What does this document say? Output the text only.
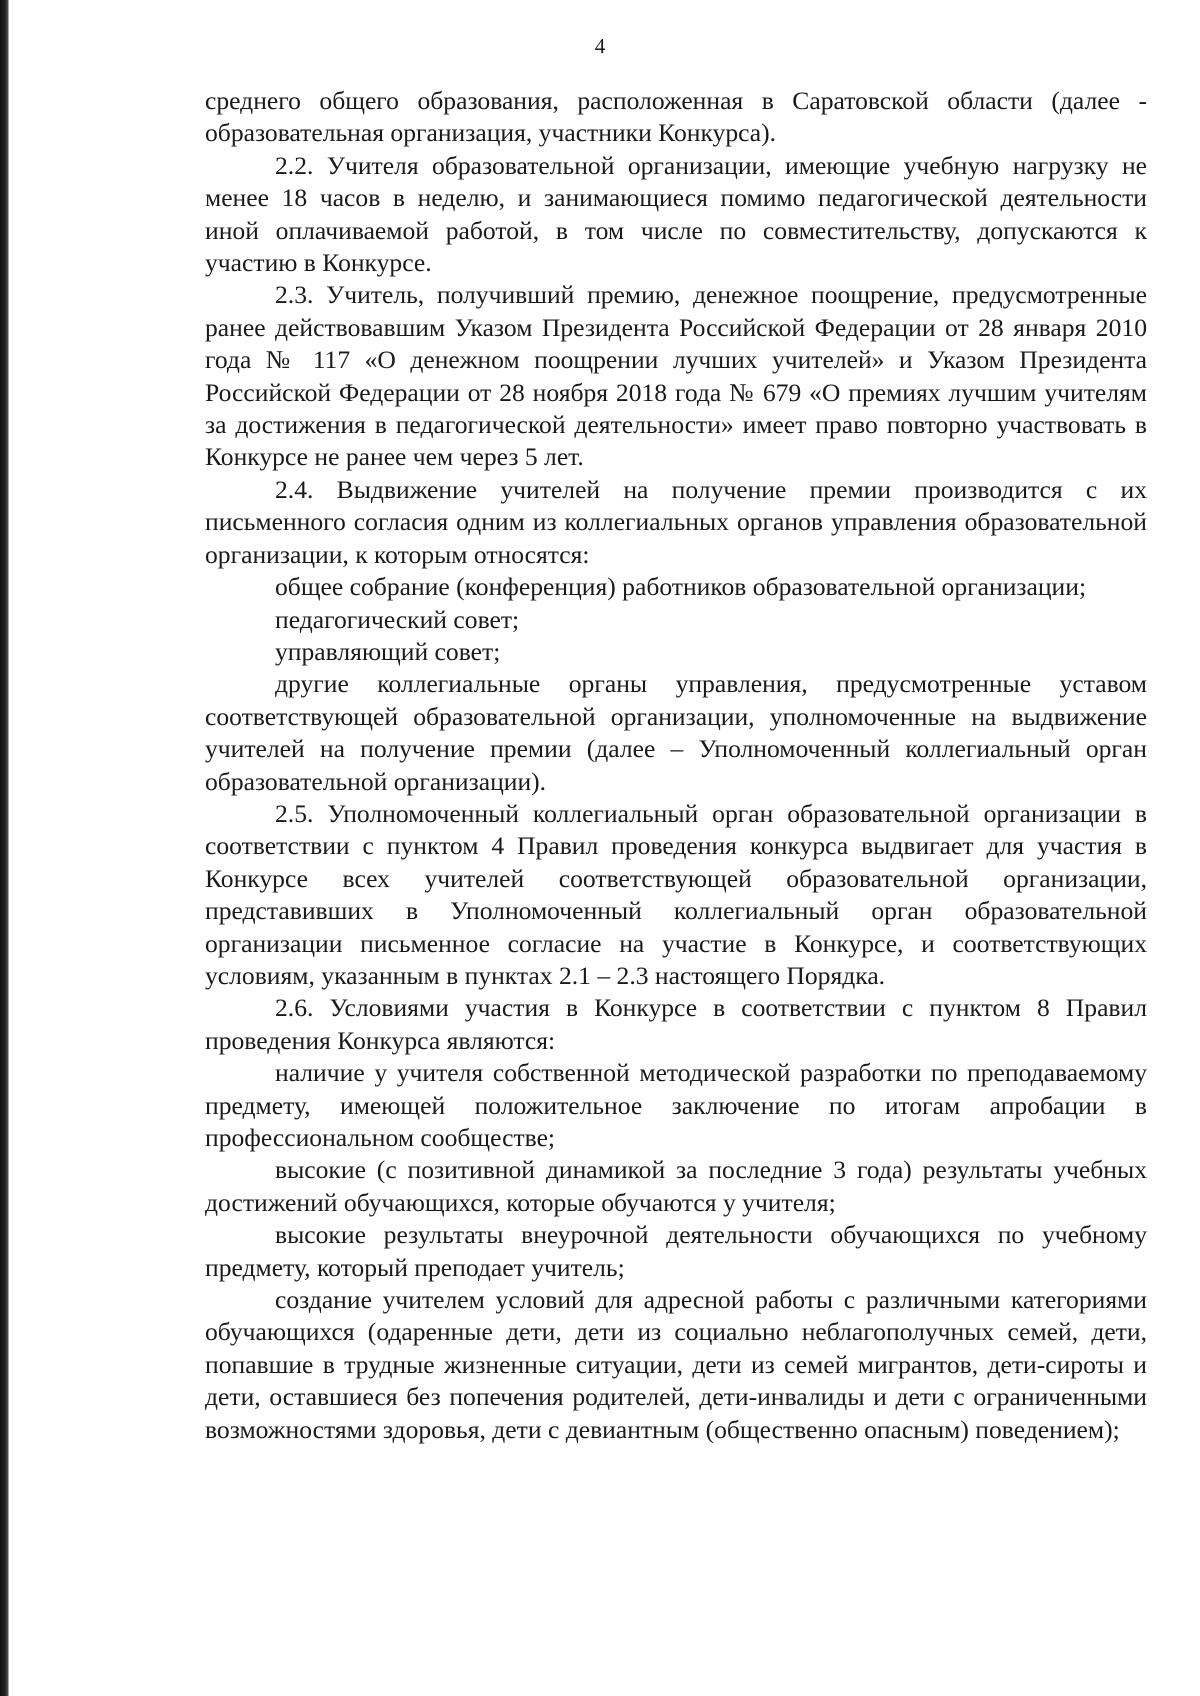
4

среднего общего образования, расположенная в Саратовской области (далее - образовательная организация, участники Конкурса).

2.2. Учителя образовательной организации, имеющие учебную нагрузку не менее 18 часов в неделю, и занимающиеся помимо педагогической деятельности иной оплачиваемой работой, в том числе по совместительству, допускаются к участию в Конкурсе.

2.3. Учитель, получивший премию, денежное поощрение, предусмотренные ранее действовавшим Указом Президента Российской Федерации от 28 января 2010 года № 117 «О денежном поощрении лучших учителей» и Указом Президента Российской Федерации от 28 ноября 2018 года № 679 «О премиях лучшим учителям за достижения в педагогической деятельности» имеет право повторно участвовать в Конкурсе не ранее чем через 5 лет.

2.4. Выдвижение учителей на получение премии производится с их письменного согласия одним из коллегиальных органов управления образовательной организации, к которым относятся:

общее собрание (конференция) работников образовательной организации;

педагогический совет;

управляющий совет;

другие коллегиальные органы управления, предусмотренные уставом соответствующей образовательной организации, уполномоченные на выдвижение учителей на получение премии (далее – Уполномоченный коллегиальный орган образовательной организации).

2.5. Уполномоченный коллегиальный орган образовательной организации в соответствии с пунктом 4 Правил проведения конкурса выдвигает для участия в Конкурсе всех учителей соответствующей образовательной организации, представивших в Уполномоченный коллегиальный орган образовательной организации письменное согласие на участие в Конкурсе, и соответствующих условиям, указанным в пунктах 2.1 – 2.3 настоящего Порядка.

2.6. Условиями участия в Конкурсе в соответствии с пунктом 8 Правил проведения Конкурса являются:

наличие у учителя собственной методической разработки по преподаваемому предмету, имеющей положительное заключение по итогам апробации в профессиональном сообществе;

высокие (с позитивной динамикой за последние 3 года) результаты учебных достижений обучающихся, которые обучаются у учителя;

высокие результаты внеурочной деятельности обучающихся по учебному предмету, который преподает учитель;

создание учителем условий для адресной работы с различными категориями обучающихся (одаренные дети, дети из социально неблагополучных семей, дети, попавшие в трудные жизненные ситуации, дети из семей мигрантов, дети-сироты и дети, оставшиеся без попечения родителей, дети-инвалиды и дети с ограниченными возможностями здоровья, дети с девиантным (общественно опасным) поведением);
